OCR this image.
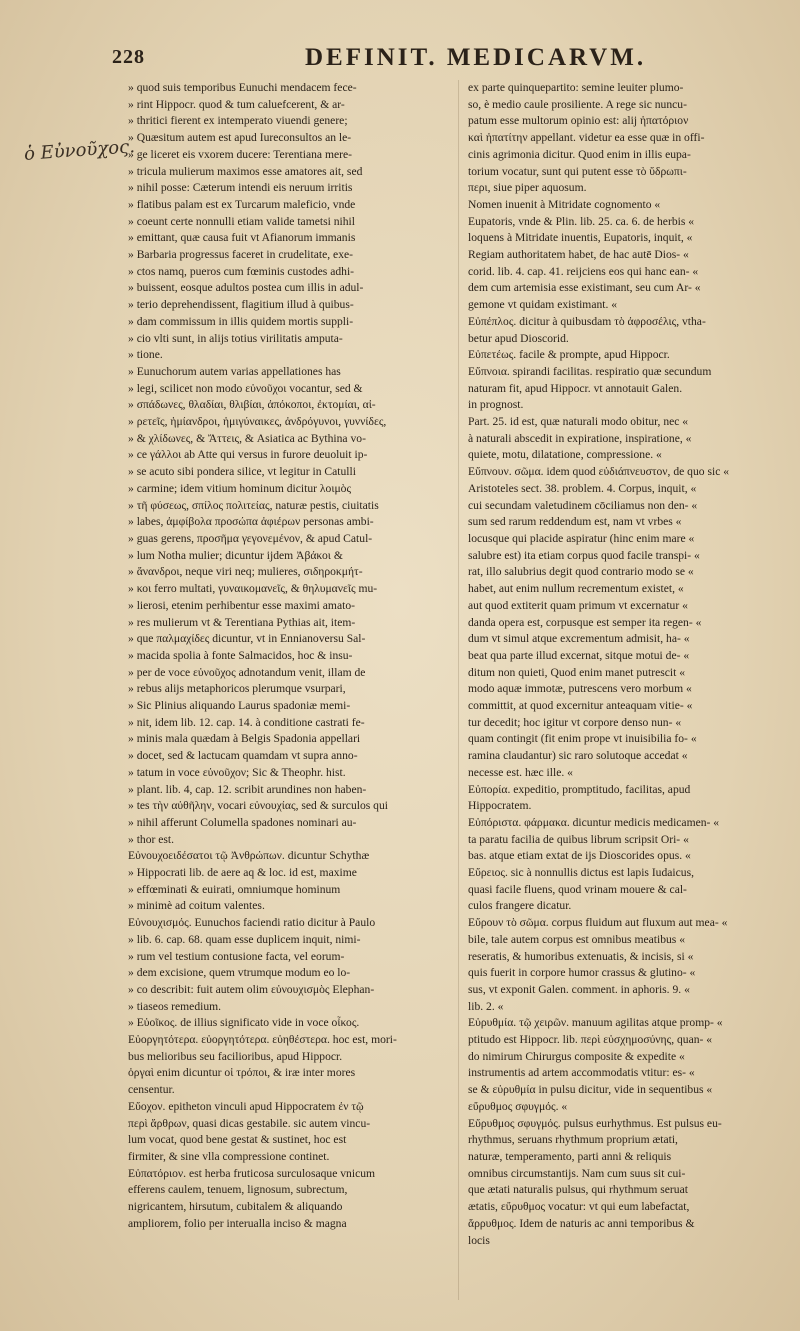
228	DEFINIT. MEDICARVM.
ὁ Εὐνοῦχος.
» quod suis temporibus Eunuchi mendacem fece-
» rint Hippocr. quod & tum caluefcerent, & ar-
» thritici fierent ex intemperato viuendi genere;
» Quæsitum autem est apud Iureconsultos an le-
» ge liceret eis vxorem ducere: Terentiana mere-
» tricula mulierum maximos esse amatores ait, sed
» nihil posse: Cæterum intendi eis neruum irritis
» flatibus palam est ex Turcarum maleficio, vnde
» coeunt certe nonnulli etiam valide tametsi nihil
» emittant, quæ causa fuit vt Afianorum immanis
» Barbaria progressus faceret in crudelitate, exe-
» ctos namq, pueros cum fœminis custodes adhi-
» buissent, eosque adultos postea cum illis in adul-
» terio deprehendissent, flagitium illud à quibus-
» dam commissum in illis quidem mortis suppli-
» cio vlti sunt, in alijs totius virilitatis amputa-
» tione.
» Eunuchorum autem varias appellationes has
» legi, scilicet non modo εὐνοῦχοι vocantur, sed &
» σπάδωνες, θλαδίαι, θλιβίαι, ἀπόκοποι, ἐκτομίαι, αἰ-
» ρετεῖς, ἡμίανδροι, ἡμιγύναικες, ἀνδρόγυνοι, γυννίδες,
» & χλίδωνες, & Ἄττεις, & Asiatica ac Bythina vo-
» ce γάλλοι ab Atte qui versus in furore deuoluit ip-
» se acuto sibi pondera silice, vt legitur in Catulli
» carmine; idem vitium hominum dicitur λοιμὸς
» τῆ φύσεως, σπίλος πολιτείας, naturæ pestis, ciuitatis
» labes, ἀμφίβολα προσώπα ἀφιέρων personas ambi-
» guas gerens, προσῆμα γεγονεμένον, & apud Catul-
» lum Notha mulier; dicuntur ijdem Ἀβάκοι &
» ἄνανδροι, neque viri neq; mulieres, σιδηροκμήτ-
» κοι ferro multati, γυναικομανεῖς, & θηλυμανεῖς mu-
» lierosi, etenim perhibentur esse maximi amato-
» res mulierum vt & Terentiana Pythias ait, item-
» que παλμαχίδες dicuntur, vt in Ennianoversu Sal-
» macida spolia à fonte Salmacidos, hoc & insu-
» per de voce εὐνοῦχος adnotandum venit, illam de
» rebus alijs metaphoricos plerumque vsurpari,
» Sic Plinius aliquando Laurus spadoniæ memi-
» nit, idem lib. 12. cap. 14. à conditione castrati fe-
» minis mala quædam à Belgis Spadonia appellari
» docet, sed & lactucam quamdam vt supra anno-
» tatum in voce εὐνοῦχον; Sic & Theophr. hist.
» plant. lib. 4, cap. 12. scribit arundines non haben-
» tes τὴν αὐθῆλην, vocari εὐνουχίας, sed & surculos qui
» nihil afferunt Columella spadones nominari au-
» thor est.
Εὐνουχοειδέσατοι τῷ Ἀνθρώπων. dicuntur Schythæ
» Hippocrati lib. de aere aq & loc. id est, maxime
» effœminati & euirati, omniumque hominum
» minimè ad coitum valentes.
Εὐνουχισμός. Eunuchos faciendi ratio dicitur à Paulo
» lib. 6. cap. 68. quam esse duplicem inquit, nimi-
» rum vel testium contusione facta, vel eorum-
» dem excisione, quem vtrumque modum eo lo-
» co describit: fuit autem olim εὐνουχισμὸς Elephan-
» tiaseos remedium.
» Εὐοῖκος. de illius significato vide in voce οἶκος.
Εὐοργητότερα. εὐοργητότερα. εὐηθέστερα. hoc est, mori-
bus melioribus seu facilioribus, apud Hippocr.
ὀργαὶ enim dicuntur οἱ τρόποι, & iræ inter mores
censentur.
Εὔοχον. epitheton vinculi apud Hippocratem ἐν τῷ
περὶ ἄρθρων, quasi dicas gestabile. sic autem vincu-
lum vocat, quod bene gestat & sustinet, hoc est
firmiter, & sine vlla compressione continet.
Εὐπατόριον. est herba fruticosa surculosaque vnicum
efferens caulem, tenuem, lignosum, subrectum,
nigricantem, hirsutum, cubitalem & aliquando
ampliorem, folio per interualla inciso & magna
ex parte quinquepartito: semine leuiter plumo-
so, è medio caule prosiliente. A rege sic nuncu-
patum esse multorum opinio est: alij ἠπατόριον
καὶ ἠπατίτην appellant. videtur ea esse quæ in offi-
cinis agrimonia dicitur. Quod enim in illis eupa-
torium vocatur, sunt qui putent esse τὸ ὕδρωπι-
περι, siue piper aquosum.
Nomen inuenit à Mitridate cognomento «
Eupatoris, vnde & Plin. lib. 25. ca. 6. de herbis «
loquens à Mitridate inuentis, Eupatoris, inquit, «
Regiam authoritatem habet, de hac autē Dios- «
corid. lib. 4. cap. 41. reijciens eos qui hanc ean- «
dem cum artemisia esse existimant, seu cum Ar- «
gemone vt quidam existimant. «
Εὐπέπλος. dicitur à quibusdam τὸ ἀφροσέλις, vtha-
betur apud Dioscorid.
Εὐπετέως. facile & prompte, apud Hippocr.
Εὔπνοια. spirandi facilitas. respiratio quæ secundum
naturam fit, apud Hippocr. vt annotauit Galen.
in prognost.
Part. 25. id est, quæ naturali modo obitur, nec «
à naturali abscedit in expiratione, inspiratione, «
quiete, motu, dilatatione, compressione. «
Εὔπνουν. σῶμα. idem quod εὐδιάπνευστον, de quo sic «
Aristoteles sect. 38. problem. 4. Corpus, inquit, «
cui secundam valetudinem cōciliamus non den- «
sum sed rarum reddendum est, nam vt vrbes «
locusque qui placide aspiratur (hinc enim mare «
salubre est) ita etiam corpus quod facile transpi- «
rat, illo salubrius degit quod contrario modo se «
habet, aut enim nullum recrementum existet, «
aut quod extiterit quam primum vt excernatur «
danda opera est, corpusque est semper ita regen- «
dum vt simul atque excrementum admisit, ha- «
beat qua parte illud excernat, sitque motui de- «
ditum non quieti, Quod enim manet putrescit «
modo aquæ immotæ, putrescens vero morbum «
committit, at quod excernitur anteaquam vitie- «
tur decedit; hoc igitur vt corpore denso nun- «
quam contingit (fit enim prope vt inuisibilia fo- «
ramina claudantur) sic raro solutoque accedat «
necesse est. hæc ille. «
Εὐπορία. expeditio, promptitudo, facilitas, apud
Hippocratem.
Εὐπόριστα. φάρμακα. dicuntur medicis medicamen- «
ta paratu facilia de quibus librum scripsit Ori- «
bas. atque etiam extat de ijs Dioscorides opus. «
Εὔρειος. sic à nonnullis dictus est lapis Iudaicus,
quasi facile fluens, quod vrinam mouere & cal-
culos frangere dicatur.
Εὔρουν τὸ σῶμα. corpus fluidum aut fluxum aut mea- «
bile, tale autem corpus est omnibus meatibus «
reseratis, & humoribus extenuatis, & incisis, si «
quis fuerit in corpore humor crassus & glutino- «
sus, vt exponit Galen. comment. in aphoris. 9. «
lib. 2. «
Εὐρυθμία. τῷ χειρῶν. manuum agilitas atque promp- «
ptitudo est Hippocr. lib. περὶ εὐσχημοσύνης, quan- «
do nimirum Chirurgus composite & expedite «
instrumentis ad artem accommodatis vtitur: es- «
se & εὐρυθμία in pulsu dicitur, vide in sequentibus «
εὔρυθμος σφυγμός. «
Εὔρυθμος σφυγμός. pulsus eurhythmus. Est pulsus eu-
rhythmus, seruans rhythmum proprium ætati,
naturæ, temperamento, parti anni & reliquis
omnibus circumstantijs. Nam cum suus sit cui-
que ætati naturalis pulsus, qui rhythmum seruat
ætatis, εὔρυθμος vocatur: vt qui eum labefactat,
ἄρρυθμος. Idem de naturis ac anni temporibus &
locis
